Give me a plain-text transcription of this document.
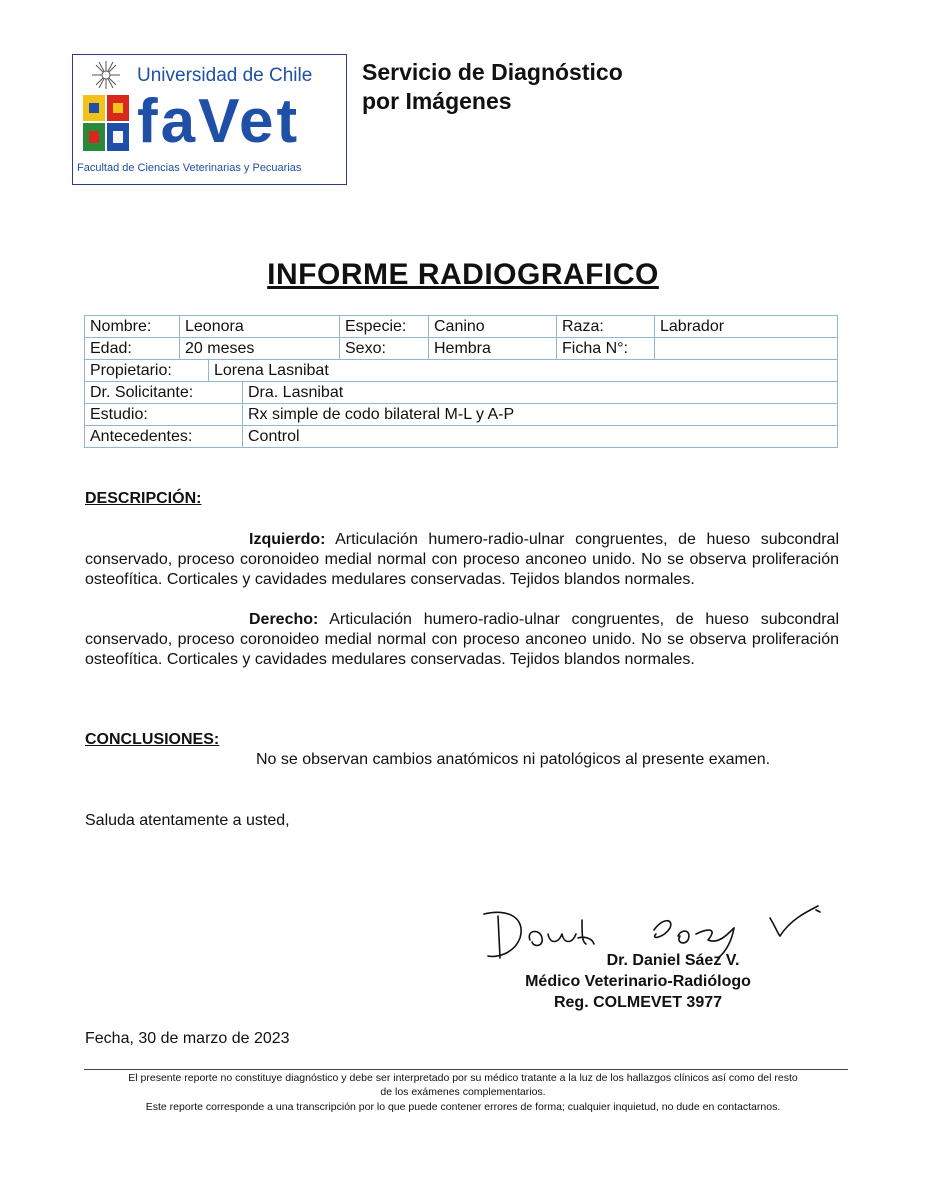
Universidad de Chile
faVet
Facultad de Ciencias Veterinarias y Pecuarias
Servicio de Diagnóstico
por Imágenes
INFORME RADIOGRAFICO
Nombre:	Leonora	Especie:	Canino	Raza:	Labrador
Edad:	20 meses	Sexo:	Hembra	Ficha N°:	

Propietario:	Lorena Lasnibat

Dr. Solicitante:	Dra. Lasnibat

Estudio:	Rx simple de codo bilateral M-L y A-P

Antecedentes:	Control
DESCRIPCIÓN:
Izquierdo: Articulación humero-radio-ulnar congruentes, de hueso subcondral conservado, proceso coronoideo medial normal con proceso anconeo unido. No se observa proliferación osteofítica. Corticales y cavidades medulares conservadas. Tejidos blandos normales.
Derecho: Articulación humero-radio-ulnar congruentes, de hueso subcondral conservado, proceso coronoideo medial normal con proceso anconeo unido. No se observa proliferación osteofítica. Corticales y cavidades medulares conservadas. Tejidos blandos normales.
CONCLUSIONES:
No se observan cambios anatómicos ni patológicos al presente examen.
Saluda atentamente a usted,
Dr. Daniel Sáez V.
Médico Veterinario-Radiólogo
Reg. COLMEVET 3977
Fecha, 30 de marzo de 2023
El presente reporte no constituye diagnóstico y debe ser interpretado por su médico tratante a la luz de los hallazgos clínicos así como del resto
de los exámenes complementarios.
Este reporte corresponde a una transcripción por lo que puede contener errores de forma; cualquier inquietud, no dude en contactarnos.
